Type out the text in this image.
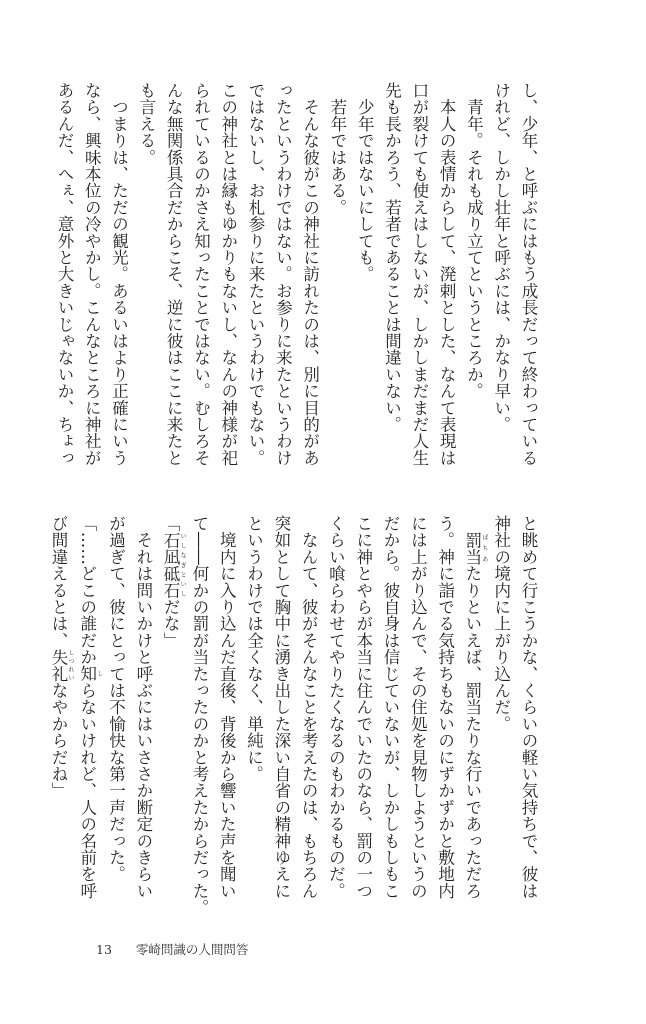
し、少年、と呼ぶにはもう成長だって終わっている
けれど、しかし壮年と呼ぶには、かなり早い。
　青年。それも成り立てというところか。
　本人の表情からして、溌剌とした、なんて表現は
口が裂けても使えはしないが、しかしまだまだ人生
先も長かろう、若者であることは間違いない。
　少年ではないにしても。
　若年ではある。
　そんな彼がこの神社に訪れたのは、別に目的があ
ったというわけではない。お参りに来たというわけ
ではないし、お札参りに来たというわけでもない。
この神社とは縁もゆかりもないし、なんの神様が祀
られているのかさえ知ったことではない。むしろそ
んな無関係具合だからこそ、逆に彼はここに来たと
も言える。
　つまりは、ただの観光。あるいはより正確にいう
なら、興味本位の冷やかし。こんなところに神社が
あるんだ、へぇ、意外と大きいじゃないか、ちょっ
と眺めて行こうかな、くらいの軽い気持ちで、彼は
神社の境内に上がり込んだ。
　罰当 ばちあたりといえば、罰当たりな行いであっただろ
う。神に詣でる気持ちもないのにずかずかと敷地内
には上がり込んで、その住処を見物しようというの
だから。彼自身は信じていないが、しかしもしもこ
こに神とやらが本当に住んでいたのなら、罰の一つ
くらい喰らわせてやりたくなるのもわかるものだ。
　なんて、彼がそんなことを考えたのは、もちろん
突如として胸中に湧き出した深い自省の精神ゆえに
というわけでは全くなく、単純に。
　境内に入り込んだ直後、背後から響いた声を聞い
て――何かの罰が当たったのかと考えたからだった。
「石凪砥石 いしなぎといしだな」
　それは問いかけと呼ぶにはいささか断定のきらい
が過ぎて、彼にとっては不愉快な第一声だった。
「……どこの誰だか知 しらないけれど、人の名前を呼
び間違えるとは、失礼 しつれいなやからだね」
13 零崎問識の人間問答
